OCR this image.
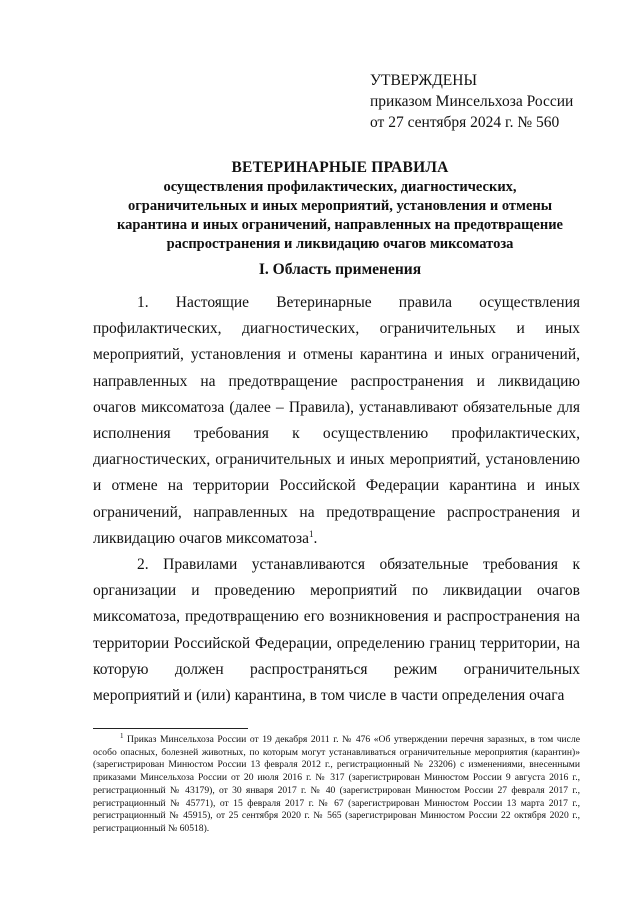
УТВЕРЖДЕНЫ
приказом Минсельхоза России
от 27 сентября 2024 г. № 560
ВЕТЕРИНАРНЫЕ ПРАВИЛА
осуществления профилактических, диагностических,
ограничительных и иных мероприятий, установления и отмены
карантина и иных ограничений, направленных на предотвращение
распространения и ликвидацию очагов миксоматоза
I. Область применения

1. Настоящие Ветеринарные правила осуществления профилактических, диагностических, ограничительных и иных мероприятий, установления и отмены карантина и иных ограничений, направленных на предотвращение распространения и ликвидацию очагов миксоматоза (далее – Правила), устанавливают обязательные для исполнения требования к осуществлению профилактических, диагностических, ограничительных и иных мероприятий, установлению и отмене на территории Российской Федерации карантина и иных ограничений, направленных на предотвращение распространения и ликвидацию очагов миксоматоза$^1$.

2. Правилами устанавливаются обязательные требования к организации и проведению мероприятий по ликвидации очагов миксоматоза, предотвращению его возникновения и распространения на территории Российской Федерации, определению границ территории, на которую должен распространяться режим ограничительных мероприятий и (или) карантина, в том числе в части определения очага

$^1$ Приказ Минсельхоза России от 19 декабря 2011 г. № 476 «Об утверждении перечня заразных, в том числе особо опасных, болезней животных, по которым могут устанавливаться ограничительные мероприятия (карантин)» (зарегистрирован Минюстом России 13 февраля 2012 г., регистрационный № 23206) с изменениями, внесенными приказами Минсельхоза России от 20 июля 2016 г. № 317 (зарегистрирован Минюстом России 9 августа 2016 г., регистрационный № 43179), от 30 января 2017 г. № 40 (зарегистрирован Минюстом России 27 февраля 2017 г., регистрационный № 45771), от 15 февраля 2017 г. № 67 (зарегистрирован Минюстом России 13 марта 2017 г., регистрационный № 45915), от 25 сентября 2020 г. № 565 (зарегистрирован Минюстом России 22 октября 2020 г., регистрационный № 60518).
